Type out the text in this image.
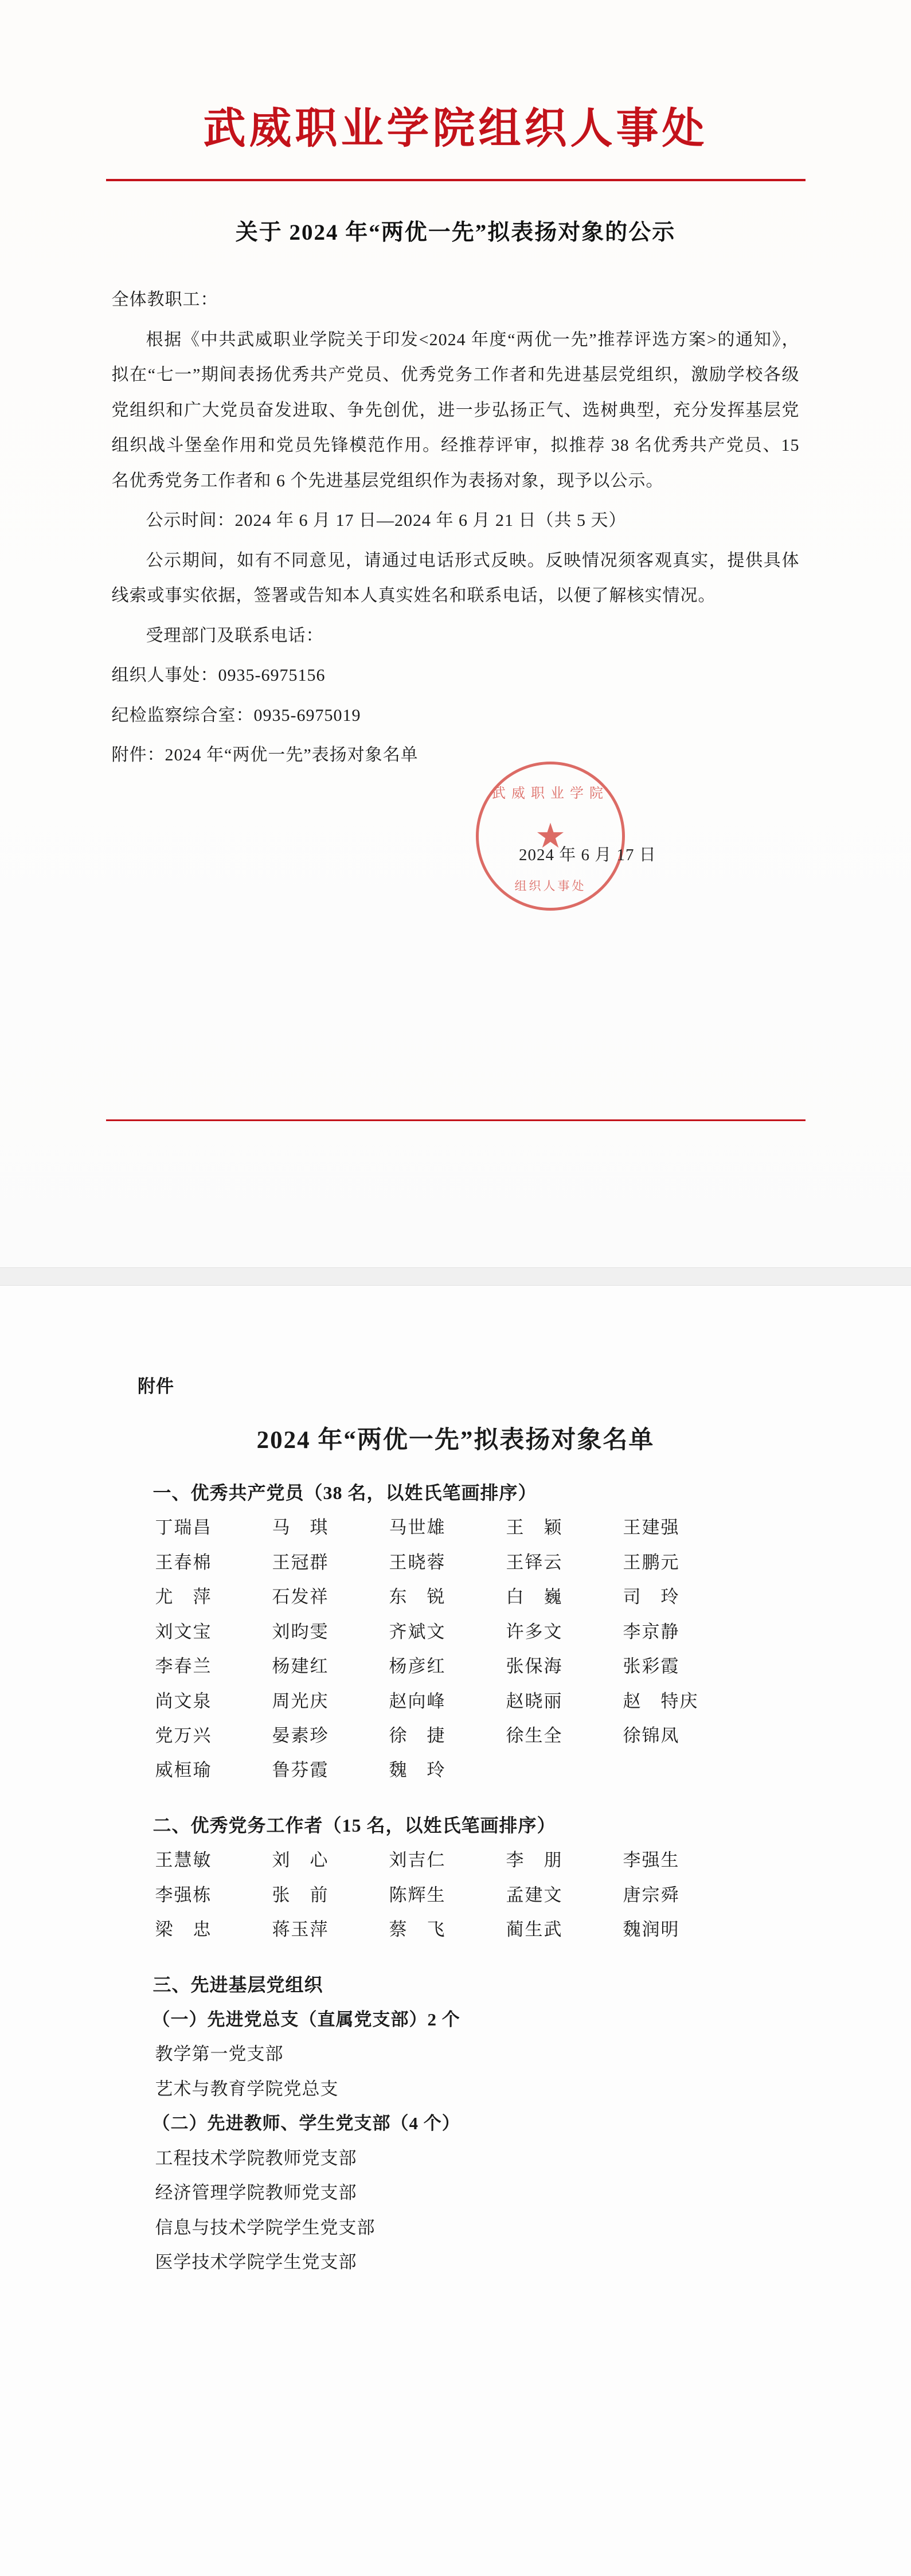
武威职业学院组织人事处
关于 2024 年“两优一先”拟表扬对象的公示

全体教职工：

根据《中共武威职业学院关于印发<2024 年度“两优一先”推荐评选方案>的通知》，拟在“七一”期间表扬优秀共产党员、优秀党务工作者和先进基层党组织，激励学校各级党组织和广大党员奋发进取、争先创优，进一步弘扬正气、选树典型，充分发挥基层党组织战斗堡垒作用和党员先锋模范作用。经推荐评审，拟推荐 38 名优秀共产党员、15 名优秀党务工作者和 6 个先进基层党组织作为表扬对象，现予以公示。

公示时间：2024 年 6 月 17 日—2024 年 6 月 21 日（共 5 天）

公示期间，如有不同意见，请通过电话形式反映。反映情况须客观真实，提供具体线索或事实依据，签署或告知本人真实姓名和联系电话，以便了解核实情况。

受理部门及联系电话：

组织人事处：0935-6975156

纪检监察综合室：0935-6975019

附件：2024 年“两优一先”表扬对象名单

武威职业学院
★
组织人事处
2024 年 6 月 17 日
附件
2024 年“两优一先”拟表扬对象名单
一、优秀共产党员（38 名，以姓氏笔画排序）
丁瑞昌	马　琪	马世雄	王　颖	王建强
王春棉	王冠群	王晓蓉	王铎云	王鹏元
尤　萍	石发祥	东　锐	白　巍	司　玲
刘文宝	刘昀雯	齐斌文	许多文	李京静
李春兰	杨建红	杨彦红	张保海	张彩霞
尚文泉	周光庆	赵向峰	赵晓丽	赵　特庆
党万兴	晏素珍	徐　捷	徐生全	徐锦凤
威桓瑜	鲁芬霞	魏　玲
二、优秀党务工作者（15 名，以姓氏笔画排序）
王慧敏	刘　心	刘吉仁	李　朋	李强生
李强栋	张　前	陈辉生	孟建文	唐宗舜
梁　忠	蒋玉萍	蔡　飞	蔺生武	魏润明
三、先进基层党组织
（一）先进党总支（直属党支部）2 个
教学第一党支部
艺术与教育学院党总支
（二）先进教师、学生党支部（4 个）
工程技术学院教师党支部
经济管理学院教师党支部
信息与技术学院学生党支部
医学技术学院学生党支部
